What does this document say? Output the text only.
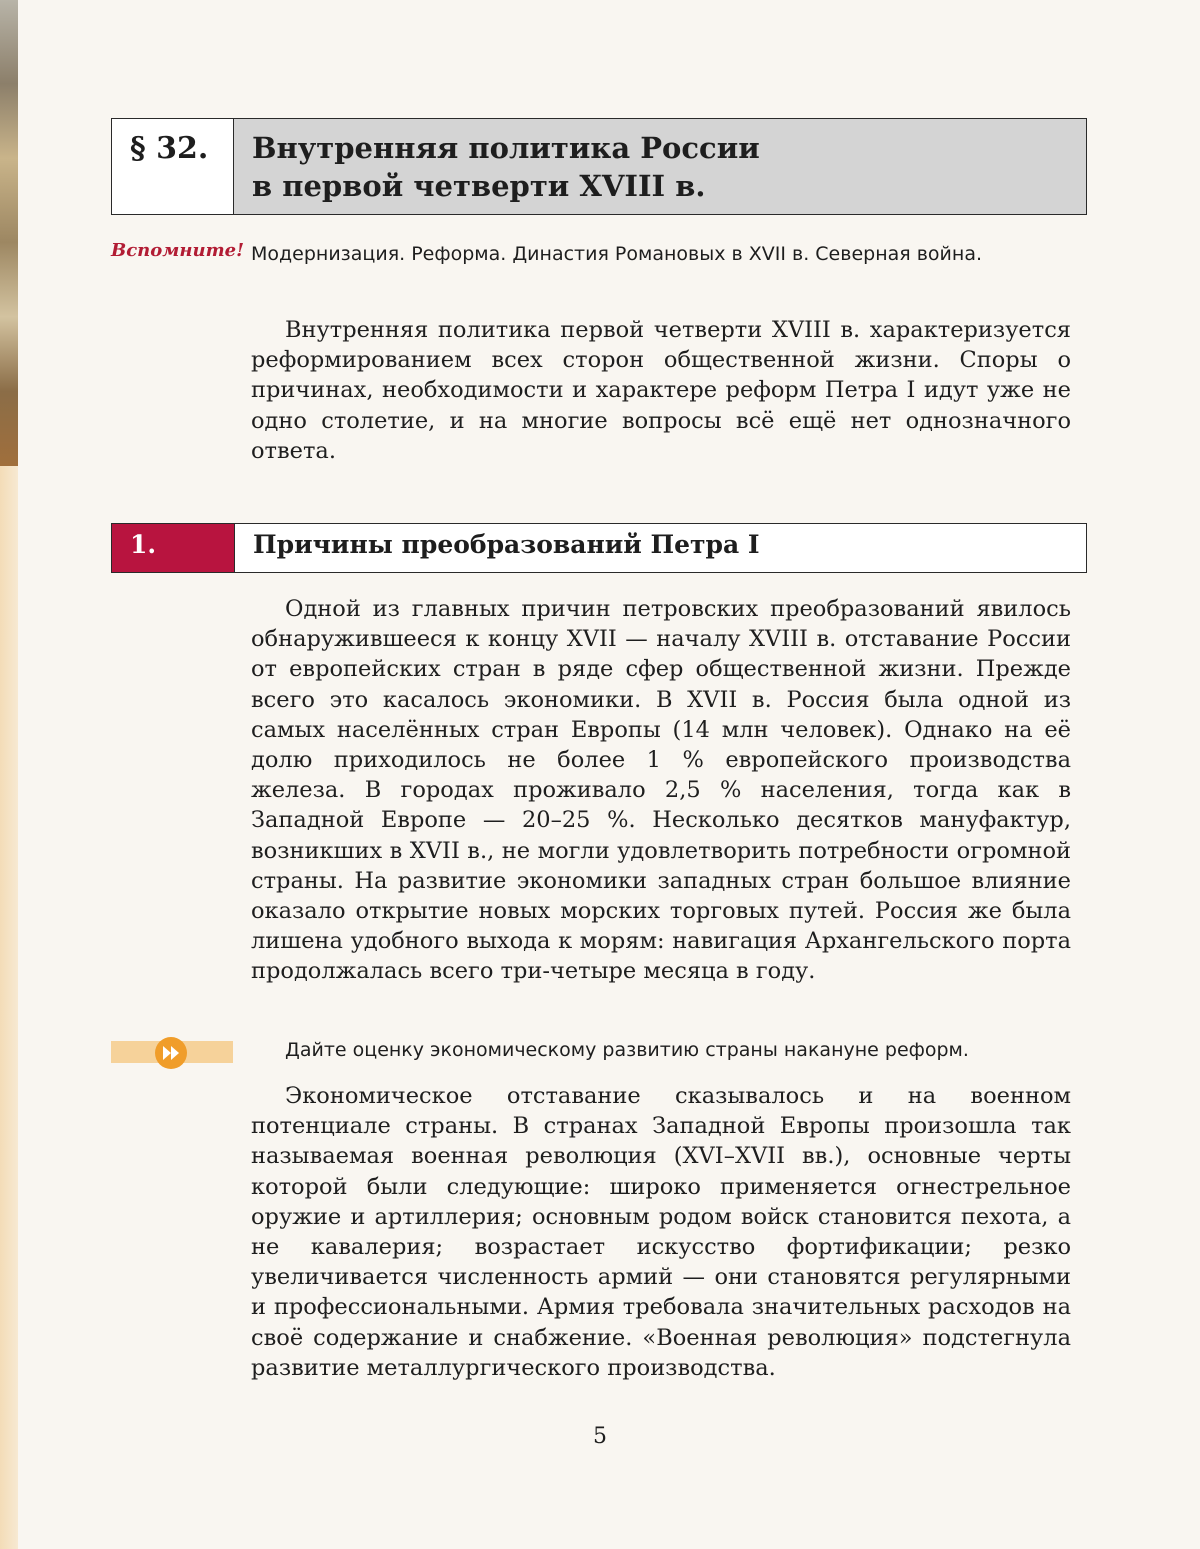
§ 32.	Внутренняя политика России
в первой четверти XVIII в.
Вспомните! Модернизация. Реформа. Династия Романовых в XVII в. Северная война.

Внутренняя политика первой четверти XVIII в. характеризуется реформированием всех сторон общественной жизни. Споры о причинах, необходимости и характере реформ Петра I идут уже не одно столетие, и на многие вопросы всё ещё нет однозначного ответа.

1.	Причины преобразований Петра I

Одной из главных причин петровских преобразований явилось обнаружившееся к концу XVII — началу XVIII в. отставание России от европейских стран в ряде сфер общественной жизни. Прежде всего это касалось экономики. В XVII в. Россия была одной из самых населённых стран Европы (14 млн человек). Однако на её долю приходилось не более 1 % европейского производства железа. В городах проживало 2,5 % населения, тогда как в Западной Европе — 20–25 %. Несколько десятков мануфактур, возникших в XVII в., не могли удовлетворить потребности огромной страны. На развитие экономики западных стран большое влияние оказало открытие новых морских торговых путей. Россия же была лишена удобного выхода к морям: навигация Архангельского порта продолжалась всего три-четыре месяца в году.

Дайте оценку экономическому развитию страны накануне реформ.

Экономическое отставание сказывалось и на военном потенциале страны. В странах Западной Европы произошла так называемая военная революция (XVI–XVII вв.), основные черты которой были следующие: широко применяется огнестрельное оружие и артиллерия; основным родом войск становится пехота, а не кавалерия; возрастает искусство фортификации; резко увеличивается численность армий — они становятся регулярными и профессиональными. Армия требовала значительных расходов на своё содержание и снабжение. «Военная революция» подстегнула развитие металлургического производства.

5
